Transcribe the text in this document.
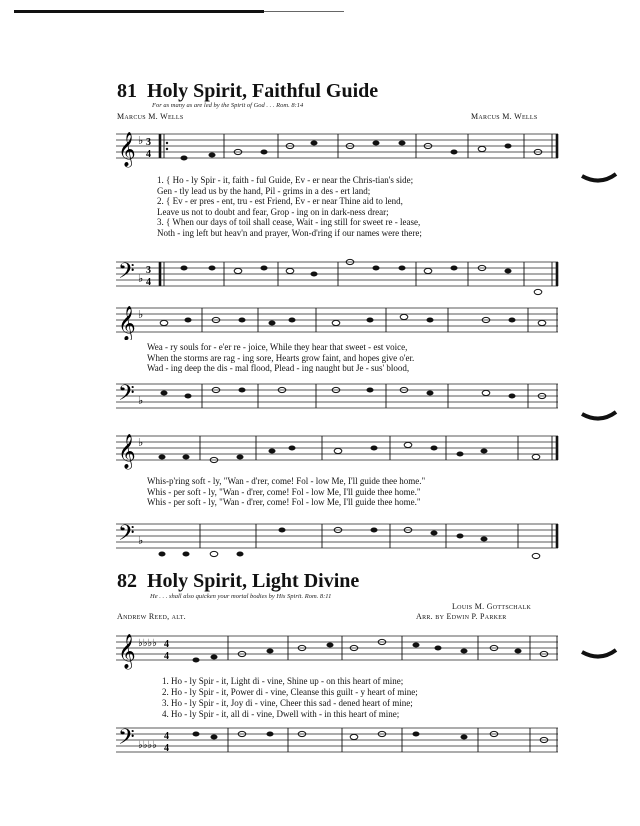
81 Holy Spirit, Faithful Guide
For as many as are led by the Spirit of God . . . Rom. 8:14
Marcus M. Wells	Marcus M. Wells
𝄞 ♭ 3
4
1. { Ho - ly Spir - it, faith - ful Guide, Ev - er near the Chris-tian's side;
Gen - tly lead us by the hand, Pil - grims in a des - ert land;
2. { Ev - er pres - ent, tru - est Friend, Ev - er near Thine aid to lend,
Leave us not to doubt and fear, Grop - ing on in dark-ness drear;
3. { When our days of toil shall cease, Wait - ing still for sweet re - lease,
Noth - ing left but heav'n and prayer, Won-d'ring if our names were there;
𝄢 ♭
3
4
𝄞 ♭
Wea - ry souls for - e'er re - joice, While they hear that sweet - est voice,
When the storms are rag - ing sore, Hearts grow faint, and hopes give o'er.
Wad - ing deep the dis - mal flood, Plead - ing naught but Je - sus' blood,
𝄢 ♭
𝄞 ♭
Whis-p'ring soft - ly, "Wan - d'rer, come! Fol - low Me, I'll guide thee home."
Whis - per soft - ly, "Wan - d'rer, come! Fol - low Me, I'll guide thee home."
Whis - per soft - ly, "Wan - d'rer, come! Fol - low Me, I'll guide thee home."
𝄢 ♭
82 Holy Spirit, Light Divine
He . . . shall also quicken your mortal bodies by His Spirit. Rom. 8:11
Louis M. Gottschalk
Andrew Reed, alt.	Arr. by Edwin P. Parker
𝄞 ♭♭♭♭ 4
4
1. Ho - ly Spir - it, Light di - vine, Shine up - on this heart of mine;
2. Ho - ly Spir - it, Power di - vine, Cleanse this guilt - y heart of mine;
3. Ho - ly Spir - it, Joy di - vine, Cheer this sad - dened heart of mine;
4. Ho - ly Spir - it, all di - vine, Dwell with - in this heart of mine;
𝄢 ♭♭♭♭
4
4
